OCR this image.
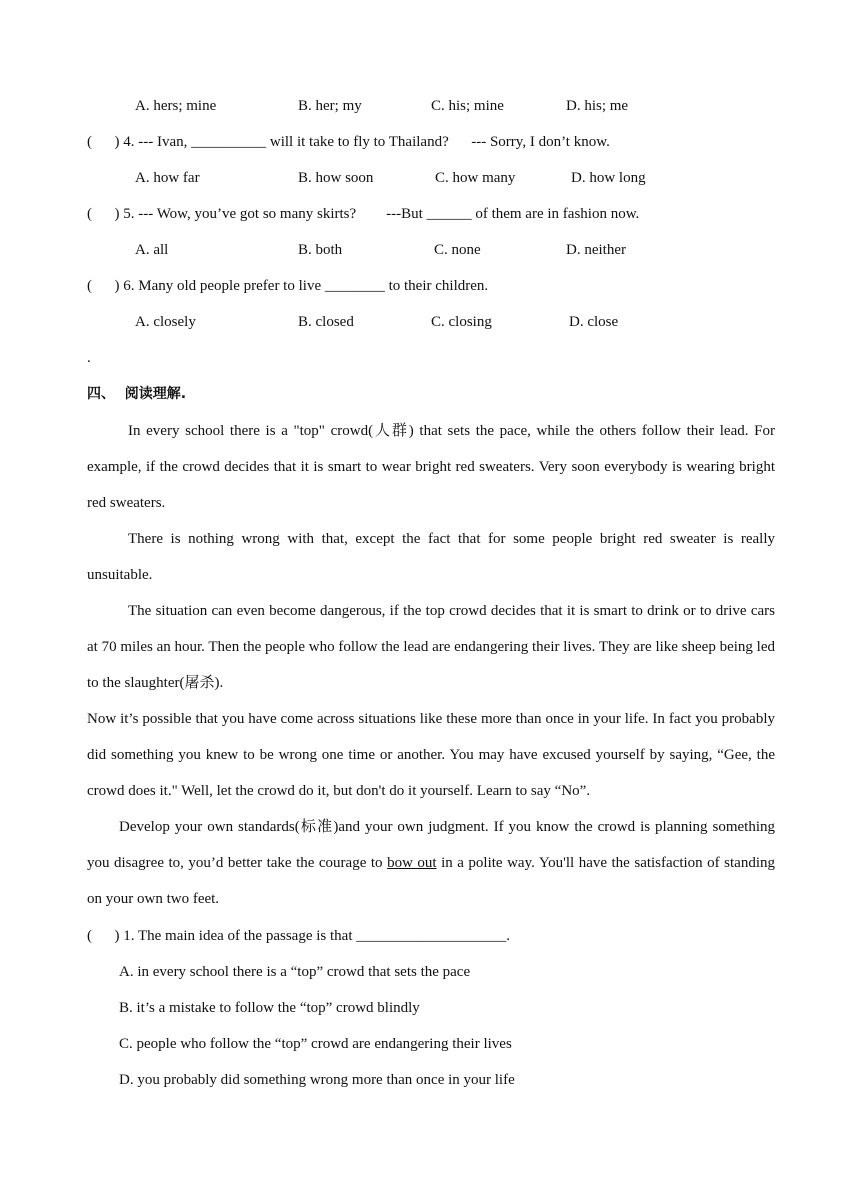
A. hers; mine	B. her; my	C. his; mine	D. his; me
(      ) 4. --- Ivan, __________ will it take to fly to Thailand?      --- Sorry, I don’t know.
A. how far	B. how soon	C. how many	D. how long
(      ) 5. --- Wow, you’ve got so many skirts?        ---But ______ of them are in fashion now.
A. all	B. both	C. none	D. neither
(      ) 6. Many old people prefer to live ________ to their children.
A. closely	B. closed	C. closing	D. close
.
四、  阅读理解.
In every school there is a "top" crowd(人群) that sets the pace, while the others follow their lead. For example, if the crowd decides that it is smart to wear bright red sweaters. Very soon everybody is wearing bright red sweaters.
There is nothing wrong with that, except the fact that for some people bright red sweater is really unsuitable.
The situation can even become dangerous, if the top crowd decides that it is smart to drink or to drive cars at 70 miles an hour. Then the people who follow the lead are endangering their lives. They are like sheep being led to the slaughter(屠杀).
Now it’s possible that you have come across situations like these more than once in your life. In fact you probably did something you knew to be wrong one time or another. You may have excused yourself by saying, “Gee, the crowd does it." Well, let the crowd do it, but don't do it yourself. Learn to say “No”.
Develop your own standards(标准)and your own judgment. If you know the crowd is planning something you disagree to, you’d better take the courage to bow out in a polite way. You'll have the satisfaction of standing on your own two feet.
(      ) 1. The main idea of the passage is that ____________________.
A. in every school there is a “top” crowd that sets the pace
B. it’s a mistake to follow the “top” crowd blindly
C. people who follow the “top” crowd are endangering their lives
D. you probably did something wrong more than once in your life
